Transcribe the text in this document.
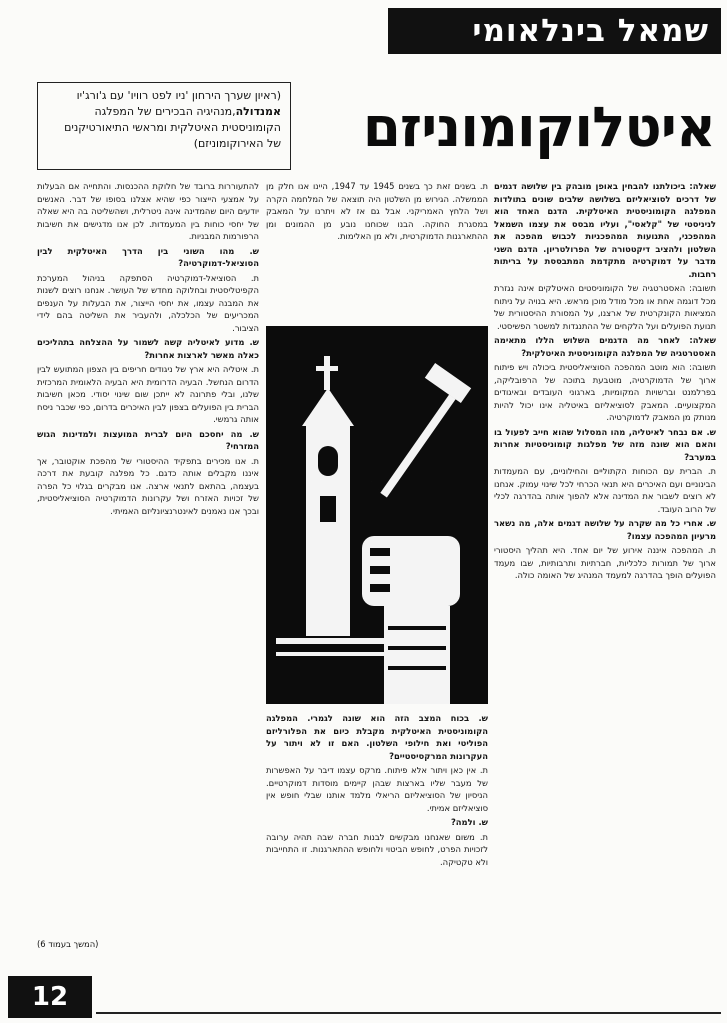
שמאל בינלאומי
איטלוקומוניזם
(ראיון שערך הירחון 'ניו לפט רוויו' עם ג'ורג'יו אמנדולה,מנהיגיה הבכירים של המפלגה הקומוניסטית האיטלקית ומראשי התיאורטיקנים של האירוקומוניזם)

שאלה: ביכולתנו להבחין באופן מובהק בין שלושה דגמים של דרכים לסוציאליזם בשלושה שלבים שונים בתולדות המפלגה הקומוניסטית האיטלקית. הדגם האחד הוא לניניסטי של "קלאסי", ועליו מבסס את עצמו השמאל המהפכני, התנועות המהפכניות לכבוש מהפכה את השלטון ולהציב דיקטטורה של הפרולטריון. הדגם השני מדבר על דמוקרטיה מתקדמת המתבססת על בריתות רחבות.

תשובה: האסטרטגיה של הקומוניסטים האיטלקים אינה נגזרת מכל דוגמה אחת או מכל מודל מוכן מראש. היא בנויה על ניתוח המציאות הקונקרטית של ארצנו, על המסורת ההיסטורית של תנועת הפועלים ועל הלקחים של ההתנגדות למשטר הפשיסטי.

שאלה: לאחר מה הדגמים השלוש הללו מתאימה האסטרטגיה של המפלגה הקומוניסטית האיטלקית?

תשובה: הוא מוטב המהפכה הסוציאליסטית ביכולה ויש פיתוח ארוך של הדמוקרטיה, מוטבעת בתוכה של הרפובליקה, בפרלמנט וברשויות המקומיות, בארגוני העובדים ובאיגודים המקצועיים. המאבק לסוציאליזם באיטליה אינו יכול להיות מנותק מן המאבק לדמוקרטיה.

ש. אם נבחר לאיטליה, מהו המסלול שהוא חייב לפעול בו והאם הוא שונה מזה של מפלגות קומוניסטיות אחרות במערב?

ת. הברית עם הכוחות הקתוליים והחילוניים, עם המעמדות הבינוניים ועם האיכרים היא תנאי הכרחי לכל שינוי עמוק. אנחנו לא רוצים לשבור את המדינה אלא להפוך אותה בהדרגה לכלי של הרוב העובד.

ש. אחרי כל מה שקרה על שלושה דגמים אלה, מה נשאר מרעיון המהפכה עצמו?

ת. המהפכה איננה אירוע של יום אחד. היא תהליך היסטורי ארוך של תמורות כלכליות, חברתיות ותרבותיות, שבו מעמד הפועלים הופך בהדרגה למעמד המנהיג של האומה כולה.

ת. בשנים זאת כך בשנים 1945 עד 1947, היינו אנו חלק מן הממשלה. הגירוש מן השלטון היה תוצאה של המלחמה הקרה ושל הלחץ האמריקני. אבל גם אז לא ויתרנו על המאבק במסגרת החוקה. הבנו שכוחנו נובע מן ההמונים ומן ההתארגנות הדמוקרטית, ולא מן האלימות.

ש. בכוח המצב הזה הוא שונה לגמרי. המפלגה הקומוניסטית האיטלקית מקבלת כיום את הפלורליזם הפוליטי ואת חילופי השלטון. האם זו לא ויתור על העקרונות המרקסיסטיים?

ת. אין כאן ויתור אלא פיתוח. מרקס עצמו דיבר על האפשרות של מעבר שליו בארצות שבהן קיימים מוסדות דמוקרטיים. הניסיון של הסוציאליזם הריאלי מלמד אותנו שבלי חופש אין סוציאליזם אמיתי.

ש. ולמה?

ת. משום שאנחנו מבקשים לבנות חברה שבה תהיה ערובה לזכויות הפרט, לחופש הביטוי ולחופש ההתארגנות. זו התחייבות ולא טקטיקה.

להתעוררות ברובד של חלוקת ההכנסות. והתחייה אם הבעלות על אמצעי הייצור כפי שהיא אצלנו בסופו של דבר. האנשים יודעים היום שהמדינה אינה ניטרלית, ושהשליטה בה היא שאלה של יחסי כוחות בין המעמדות. לכן אנו מדגישים את חשיבות הרפורמות המבניות.

ש. מהו השוני בין הדרך האיטלקית לבין הסוציאל-דמוקרטיה?

ת. הסוציאל-דמוקרטיה הסתפקה בניהול המערכת הקפיטליסטית ובחלוקה מחדש של העושר. אנחנו רוצים לשנות את המבנה עצמו, את יחסי הייצור, את הבעלות על הענפים המכריעים של הכלכלה, ולהעביר את השליטה בהם לידי הציבור.

ש. מדוע לאיטליה קשה לשמור על ההצלחה בתהליכים כאלה מאשר לארצות אחרות?

ת. איטליה היא ארץ של ניגודים חריפים בין הצפון המתועש לבין הדרום הנחשל. הבעיה הדרומית היא הבעיה הלאומית המרכזית שלנו, ובלי פתרונה לא ייתכן שום שינוי יסודי. מכאן חשיבות הברית בין הפועלים בצפון לבין האיכרים בדרום, כפי שכבר ניסח אותה גרמשי.

ש. מה יחסכם היום לברית המועצות ולמדינות הגוש המזרחי?

ת. אנו מכירים בתפקיד ההיסטורי של מהפכת אוקטובר, אך איננו מקבלים אותה כדגם. כל מפלגה קובעת את דרכה בעצמה, בהתאם לתנאי ארצה. אנו מבקרים בגלוי כל הפרה של זכויות האזרח ושל עקרונות הדמוקרטיה הסוציאליסטית, ובכך אנו נאמנים לאינטרנציונליזם האמיתי.

(המשך בעמוד 6)
12
